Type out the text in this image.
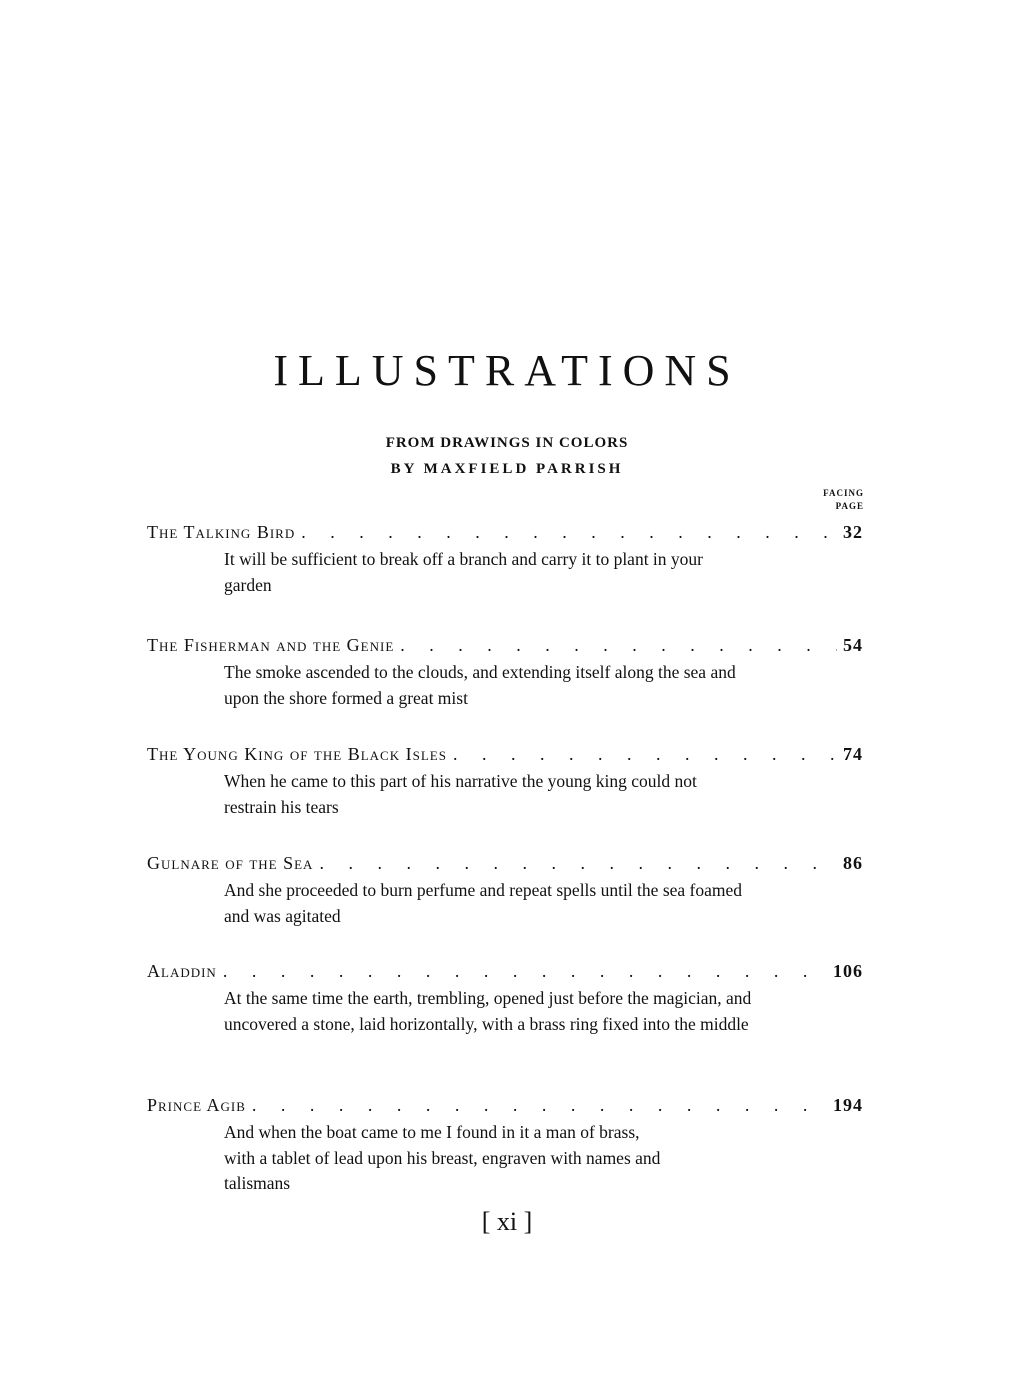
ILLUSTRATIONS

FROM DRAWINGS IN COLORS

BY MAXFIELD PARRISH

FACING
PAGE
The Talking Bird . . .	32
It will be sufficient to break off a branch and carry it to plant in your garden
The Fisherman and the Genie . . .	54
The smoke ascended to the clouds, and extending itself along the sea and upon the shore formed a great mist
The Young King of the Black Isles . . .	74
When he came to this part of his narrative the young king could not restrain his tears
Gulnare of the Sea . . .	86
And she proceeded to burn perfume and repeat spells until the sea foamed and was agitated
Aladdin . . .	106
At the same time the earth, trembling, opened just before the magician, and uncovered a stone, laid horizontally, with a brass ring fixed into the middle
Prince Agib . . .	194
And when the boat came to me I found in it a man of brass, with a tablet of lead upon his breast, engraven with names and talismans
[ xi ]
